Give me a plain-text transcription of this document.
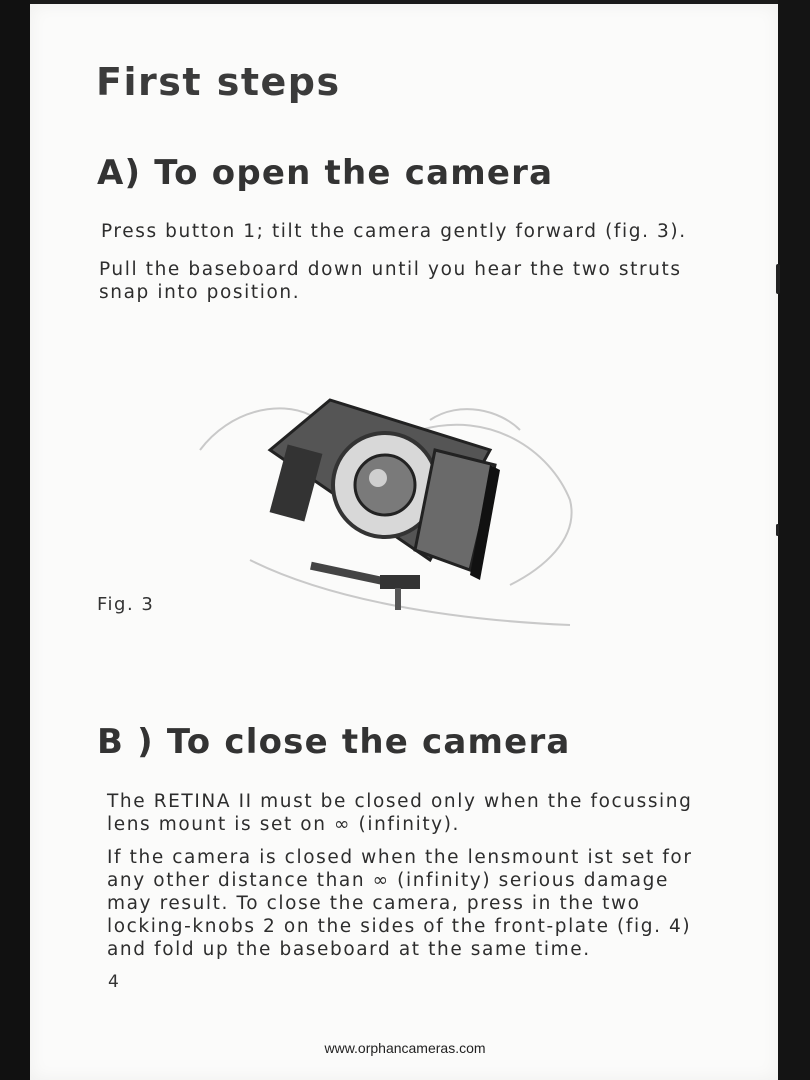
First steps
A) To open the camera

Press button 1; tilt the camera gently forward (fig. 3).

Pull the baseboard down until you hear the two struts snap into position.

Fig. 3
B ) To close the camera

The RETINA II must be closed only when the focussing lens mount is set on ∞ (infinity).

If the camera is closed when the lensmount ist set for any other distance than ∞ (infinity) serious damage may result. To close the camera, press in the two locking-knobs 2 on the sides of the front-plate (fig. 4) and fold up the baseboard at the same time.

4
www.orphancameras.com
